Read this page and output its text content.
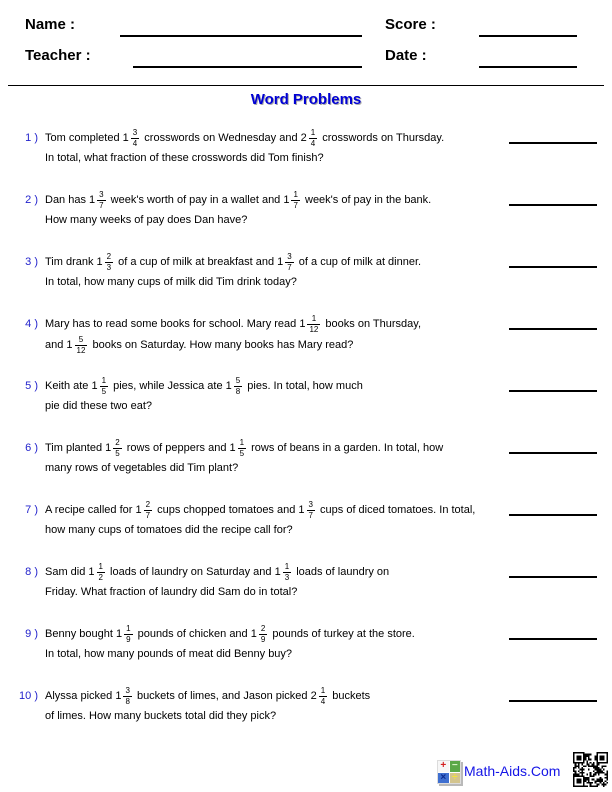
Name :	Score :
Teacher :	Date :
Word Problems
1 ) Tom completed $1 \frac{3}{4}$ crosswords on Wednesday and $2 \frac{1}{4}$ crosswords on Thursday.
In total, what fraction of these crosswords did Tom finish?
2 ) Dan has $1 \frac{3}{7}$ week's worth of pay in a wallet and $1 \frac{1}{7}$ week's of pay in the bank.
How many weeks of pay does Dan have?
3 ) Tim drank $1 \frac{2}{3}$ of a cup of milk at breakfast and $1 \frac{3}{7}$ of a cup of milk at dinner.
In total, how many cups of milk did Tim drink today?
4 ) Mary has to read some books for school. Mary read $1 \frac{1}{12}$ books on Thursday,
and $1 \frac{5}{12}$ books on Saturday. How many books has Mary read?
5 ) Keith ate $1 \frac{1}{5}$ pies, while Jessica ate $1 \frac{5}{8}$ pies. In total, how much
pie did these two eat?
6 ) Tim planted $1 \frac{2}{5}$ rows of peppers and $1 \frac{1}{5}$ rows of beans in a garden. In total, how
many rows of vegetables did Tim plant?
7 ) A recipe called for $1 \frac{2}{7}$ cups chopped tomatoes and $1 \frac{3}{7}$ cups of diced tomatoes. In total,
how many cups of tomatoes did the recipe call for?
8 ) Sam did $1 \frac{1}{2}$ loads of laundry on Saturday and $1 \frac{1}{3}$ loads of laundry on
Friday. What fraction of laundry did Sam do in total?
9 ) Benny bought $1 \frac{1}{9}$ pounds of chicken and $1 \frac{2}{9}$ pounds of turkey at the store.
In total, how many pounds of meat did Benny buy?
10 ) Alyssa picked $1 \frac{3}{8}$ buckets of limes, and Jason picked $2 \frac{1}{4}$ buckets
of limes. How many buckets total did they pick?
+ −
× ÷ Math-Aids.Com
